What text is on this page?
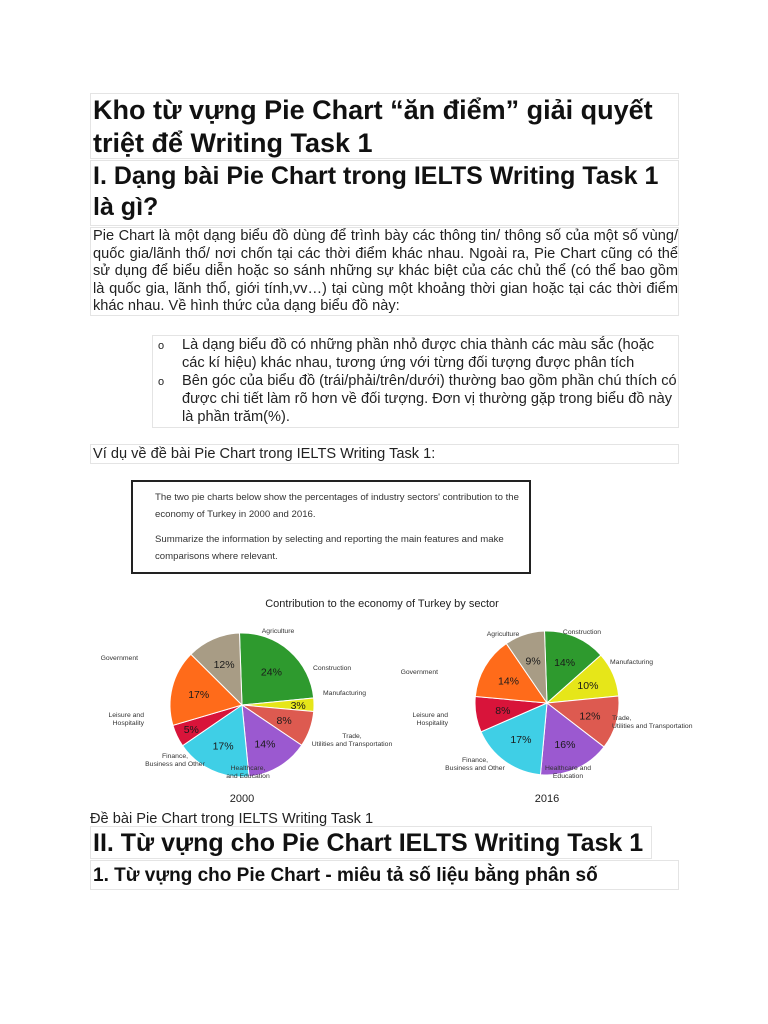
Kho từ vựng Pie Chart “ăn điểm” giải quyết triệt để Writing Task 1
I. Dạng bài Pie Chart trong IELTS Writing Task 1 là gì?
Pie Chart là một dạng biểu đồ dùng để trình bày các thông tin/ thông số của một số vùng/ quốc gia/lãnh thổ/ nơi chốn tại các thời điểm khác nhau. Ngoài ra, Pie Chart cũng có thể sử dụng để biểu diễn hoặc so sánh những sự khác biệt của các chủ thể (có thể bao gồm là quốc gia, lãnh thổ, giới tính,vv…) tại cùng một khoảng thời gian hoặc tại các thời điểm khác nhau. Về hình thức của dạng biểu đồ này:
o Là dạng biểu đồ có những phần nhỏ được chia thành các màu sắc (hoặc các kí hiệu) khác nhau, tương ứng với từng đối tượng được phân tích
o Bên góc của biểu đồ (trái/phải/trên/dưới) thường bao gồm phần chú thích có được chi tiết làm rõ hơn về đối tượng. Đơn vị thường gặp trong biểu đồ này là phần trăm(%).
Ví dụ về đề bài Pie Chart trong IELTS Writing Task 1:

The two pie charts below show the percentages of industry sectors' contribution to the economy of Turkey in 2000 and 2016.

Summarize the information by selecting and reporting the main features and make comparisons where relevant.

Contribution to the economy of Turkey by sector
24%
3%
8%
14%
17%
5%
17%
12%
Agriculture
Construction
Manufacturing
Trade, Utilities and Transportation
Healthcare, and Education
Finance, Business and Other
Leisure and Hospitality
Government	14%
10%
12%
16%
17%
8%
14%
9%
Agriculture	Construction
Manufacturing
Trade, Utilities and Transportation
Healthcare and Education
Finance, Business and Other
Leisure and Hospitality
Government
2000	2016
Đề bài Pie Chart trong IELTS Writing Task 1
II. Từ vựng cho Pie Chart IELTS Writing Task 1
1. Từ vựng cho Pie Chart - miêu tả số liệu bằng phân số
